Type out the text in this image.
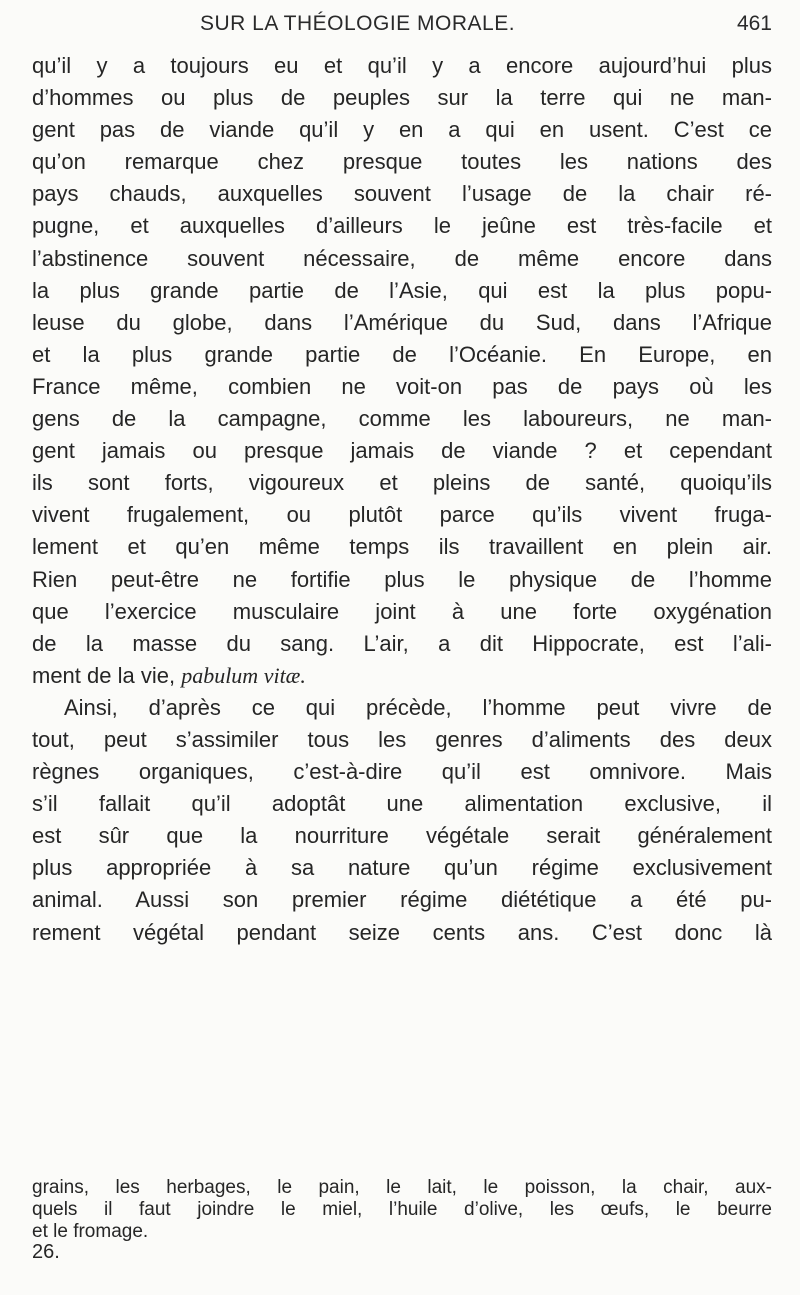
SUR LA THÉOLOGIE MORALE.	461
qu’il y a toujours eu et qu’il y a encore aujourd’hui plus
d’hommes ou plus de peuples sur la terre qui ne man-
gent pas de viande qu’il y en a qui en usent. C’est ce
qu’on remarque chez presque toutes les nations des
pays chauds, auxquelles souvent l’usage de la chair ré-
pugne, et auxquelles d’ailleurs le jeûne est très-facile et
l’abstinence souvent nécessaire, de même encore dans
la plus grande partie de l’Asie, qui est la plus popu-
leuse du globe, dans l’Amérique du Sud, dans l’Afrique
et la plus grande partie de l’Océanie. En Europe, en
France même, combien ne voit-on pas de pays où les
gens de la campagne, comme les laboureurs, ne man-
gent jamais ou presque jamais de viande ? et cependant
ils sont forts, vigoureux et pleins de santé, quoiqu’ils
vivent frugalement, ou plutôt parce qu’ils vivent fruga-
lement et qu’en même temps ils travaillent en plein air.
Rien peut-être ne fortifie plus le physique de l’homme
que l’exercice musculaire joint à une forte oxygénation
de la masse du sang. L’air, a dit Hippocrate, est l’ali-
ment de la vie, pabulum vitæ.
Ainsi, d’après ce qui précède, l’homme peut vivre de
tout, peut s’assimiler tous les genres d’aliments des deux
règnes organiques, c’est-à-dire qu’il est omnivore. Mais
s’il fallait qu’il adoptât une alimentation exclusive, il
est sûr que la nourriture végétale serait généralement
plus appropriée à sa nature qu’un régime exclusivement
animal. Aussi son premier régime diététique a été pu-
rement végétal pendant seize cents ans. C’est donc là
grains, les herbages, le pain, le lait, le poisson, la chair, aux-
quels il faut joindre le miel, l’huile d’olive, les œufs, le beurre
et le fromage.
26.
